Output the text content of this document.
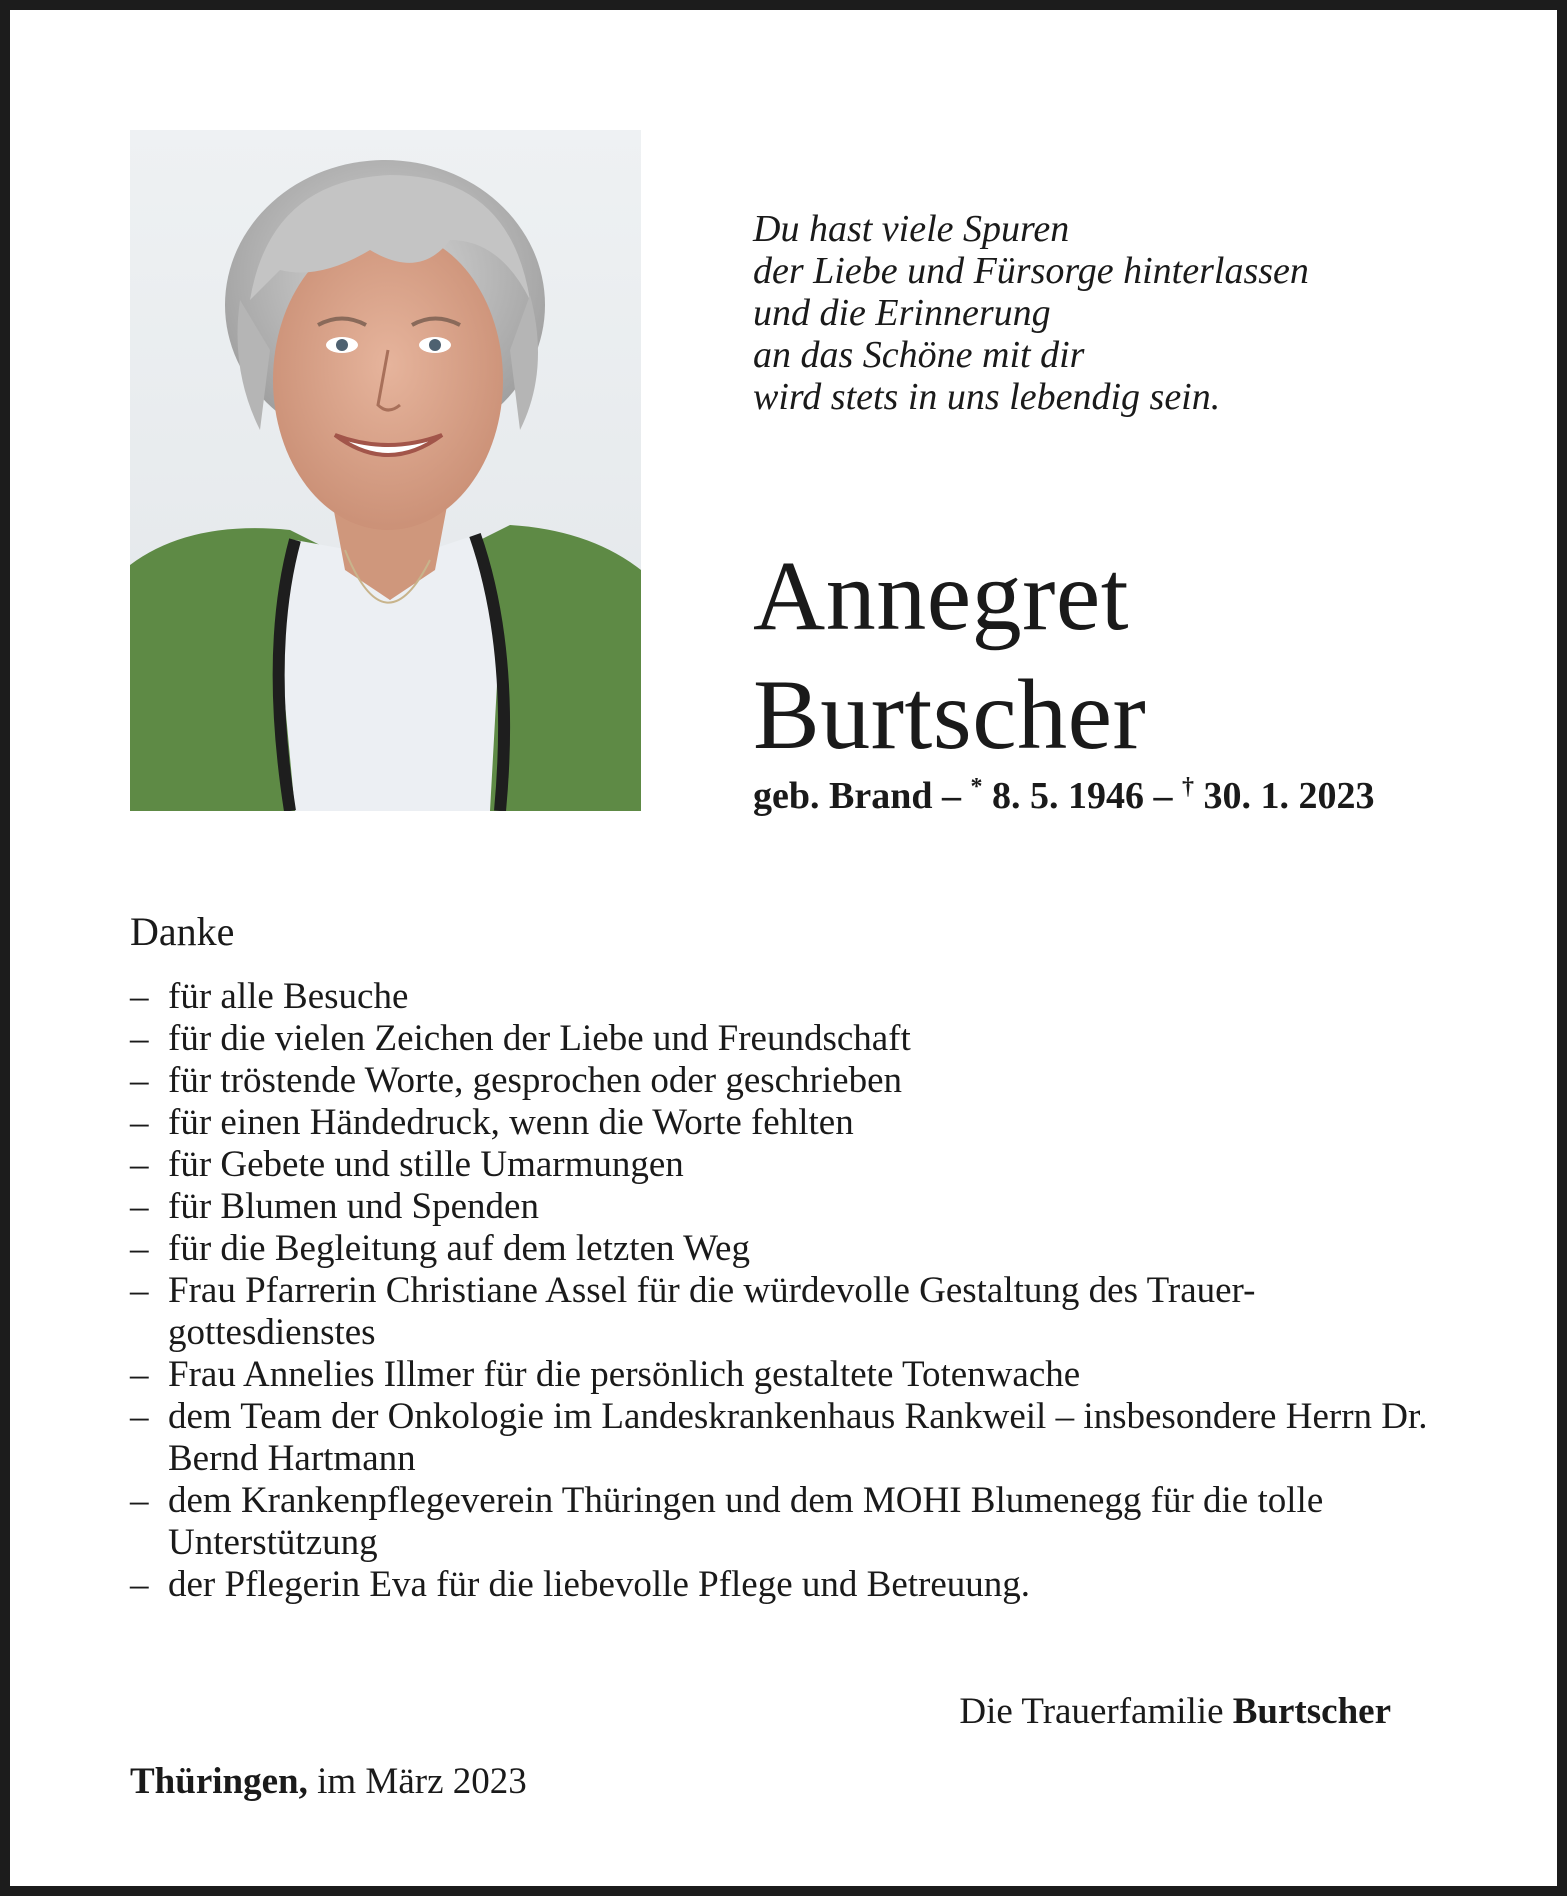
Du hast viele Spuren
der Liebe und Fürsorge hinterlassen
und die Erinnerung
an das Schöne mit dir
wird stets in uns lebendig sein.
Annegret
Burtscher
geb. Brand – * 8. 5. 1946 – † 30. 1. 2023
Danke
– für alle Besuche
– für die vielen Zeichen der Liebe und Freundschaft
– für tröstende Worte, gesprochen oder geschrieben
– für einen Händedruck, wenn die Worte fehlten
– für Gebete und stille Umarmungen
– für Blumen und Spenden
– für die Begleitung auf dem letzten Weg
– Frau Pfarrerin Christiane Assel für die würdevolle Gestaltung des Trauer- gottesdienstes
– Frau Annelies Illmer für die persönlich gestaltete Totenwache
– dem Team der Onkologie im Landeskrankenhaus Rankweil – insbesondere Herrn Dr. Bernd Hartmann
– dem Krankenpflegeverein Thüringen und dem MOHI Blumenegg für die tolle Unterstützung
– der Pflegerin Eva für die liebevolle Pflege und Betreuung.
Die Trauerfamilie Burtscher
Thüringen, im März 2023
